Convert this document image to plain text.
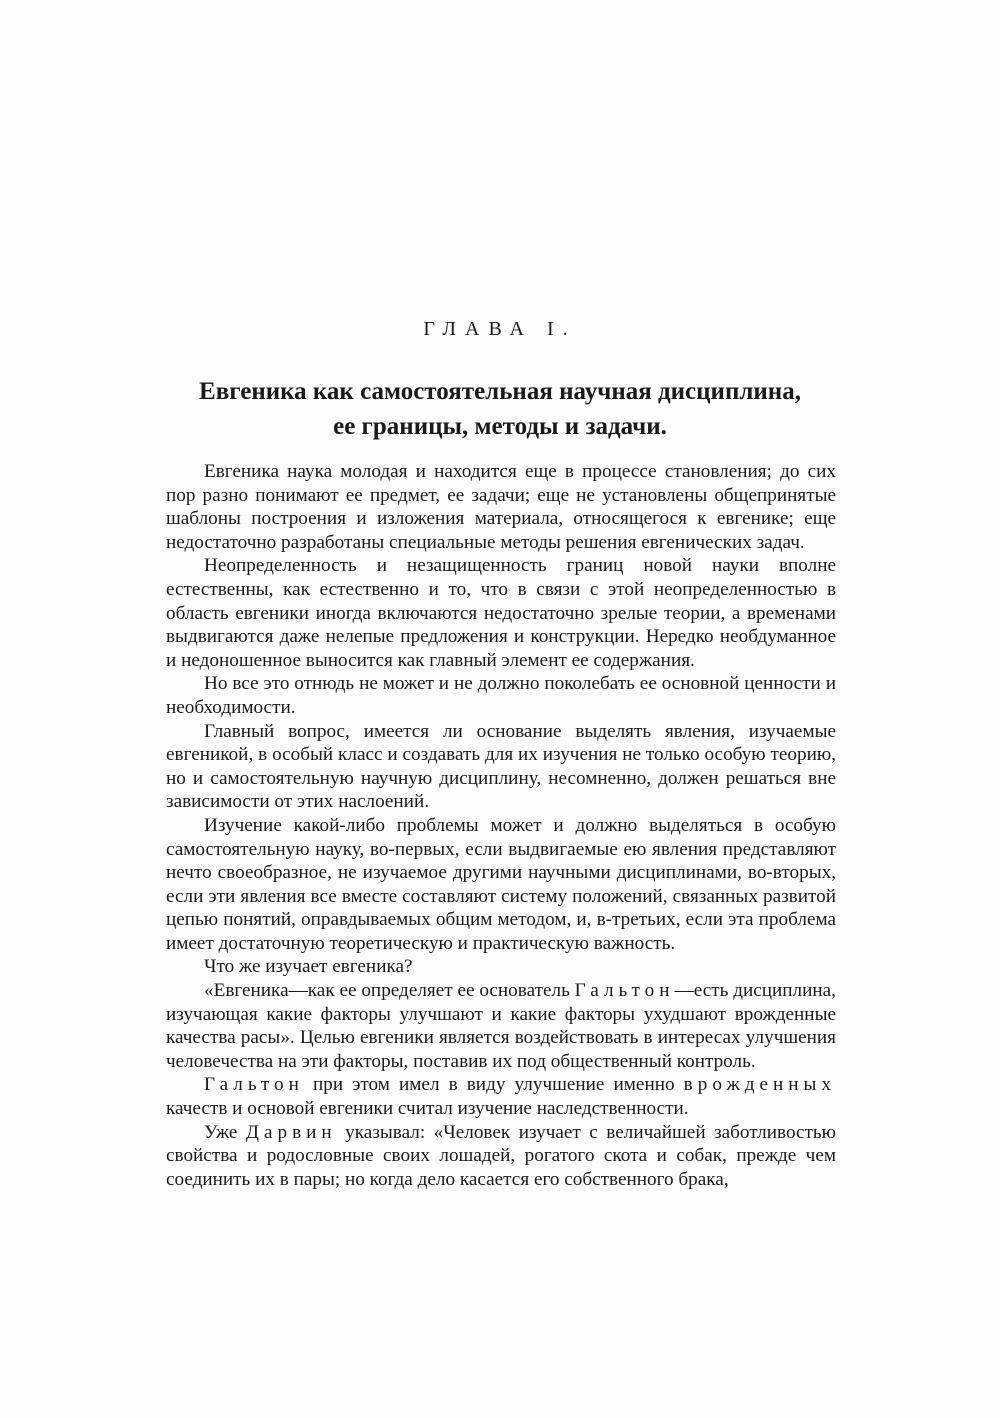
ГЛАВА I.
Евгеника как самостоятельная научная дисциплина,
ее границы, методы и задачи.

Евгеника наука молодая и находится еще в процессе становления; до сих пор разно понимают ее предмет, ее задачи; еще не установлены общепринятые шаблоны построения и изложения материала, относящегося к евгенике; еще недостаточно разработаны специальные методы решения евгенических задач.

Неопределенность и незащищенность границ новой науки вполне естественны, как естественно и то, что в связи с этой неопределенностью в область евгеники иногда включаются недостаточно зрелые теории, а временами выдвигаются даже нелепые предложения и конструкции. Нередко необдуманное и недоношенное выносится как главный элемент ее содержания.

Но все это отнюдь не может и не должно поколебать ее основной ценности и необходимости.

Главный вопрос, имеется ли основание выделять явления, изучаемые евгеникой, в особый класс и создавать для их изучения не только особую теорию, но и самостоятельную научную дисциплину, несомненно, должен решаться вне зависимости от этих наслоений.

Изучение какой-либо проблемы может и должно выделяться в особую самостоятельную науку, во-первых, если выдвигаемые ею явления представляют нечто своеобразное, не изучаемое другими научными дисциплинами, во-вторых, если эти явления все вместе составляют систему положений, связанных развитой цепью понятий, оправдываемых общим методом, и, в-третьих, если эта проблема имеет достаточную теоретическую и практическую важность.

Что же изучает евгеника?

«Евгеника—как ее определяет ее основатель Гальтон—есть дисциплина, изучающая какие факторы улучшают и какие факторы ухудшают врожденные качества расы». Целью евгеники является воздействовать в интересах улучшения человечества на эти факторы, поставив их под общественный контроль.

Гальтон при этом имел в виду улучшение именно врожденных качеств и основой евгеники считал изучение наследственности.

Уже Дарвин указывал: «Человек изучает с величайшей заботливостью свойства и родословные своих лошадей, рогатого скота и собак, прежде чем соединить их в пары; но когда дело касается его собственного брака,
